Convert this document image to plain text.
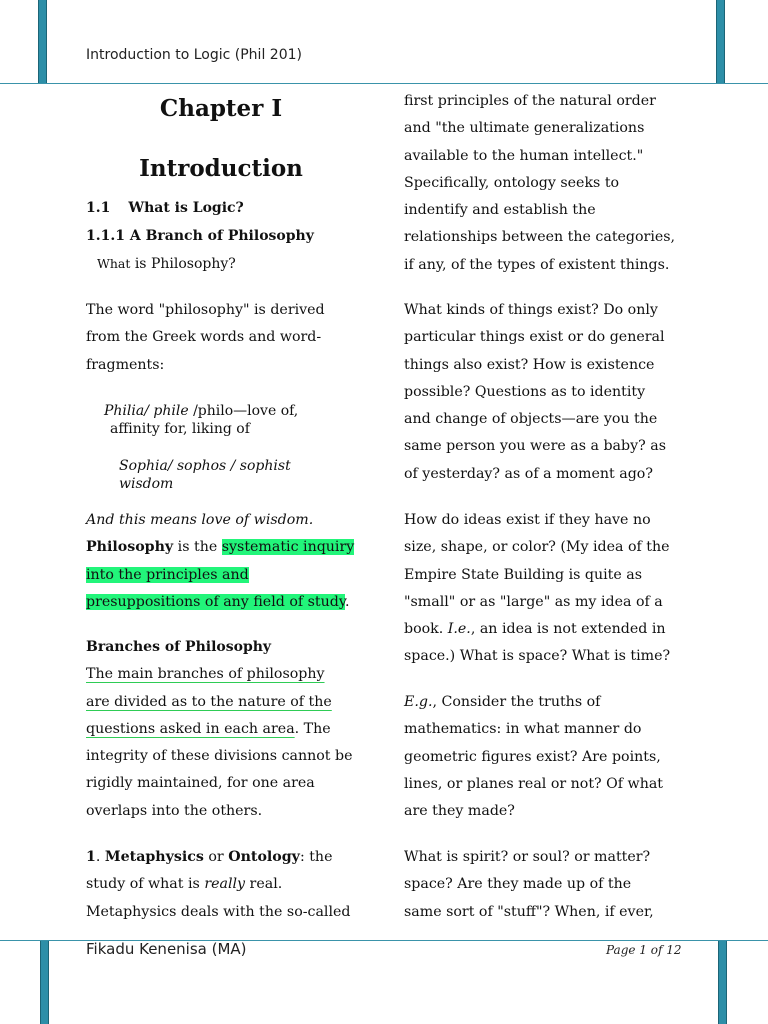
Introduction to Logic (Phil 201)
Chapter I
Introduction
1.1 What is Logic?
1.1.1 A Branch of Philosophy
What is Philosophy?

The word "philosophy" is derived
from the Greek words and word-
fragments:

Philia/ phile /philo—love of,
affinity for, liking of
Sophia/ sophos / sophist
wisdom

And this means love of wisdom.
Philosophy is the systematic inquiry
into the principles and
presuppositions of any field of study.

Branches of Philosophy
The main branches of philosophy
are divided as to the nature of the
questions asked in each area. The
integrity of these divisions cannot be
rigidly maintained, for one area
overlaps into the others.

1. Metaphysics or Ontology: the
study of what is really real.
Metaphysics deals with the so-called

first principles of the natural order
and "the ultimate generalizations
available to the human intellect."
Specifically, ontology seeks to
indentify and establish the
relationships between the categories,
if any, of the types of existent things.

What kinds of things exist? Do only
particular things exist or do general
things also exist? How is existence
possible? Questions as to identity
and change of objects—are you the
same person you were as a baby? as
of yesterday? as of a moment ago?

How do ideas exist if they have no
size, shape, or color? (My idea of the
Empire State Building is quite as
"small" or as "large" as my idea of a
book. I.e., an idea is not extended in
space.) What is space? What is time?

E.g., Consider the truths of
mathematics: in what manner do
geometric figures exist? Are points,
lines, or planes real or not? Of what
are they made?

What is spirit? or soul? or matter?
space? Are they made up of the
same sort of "stuff"? When, if ever,

Fikadu Kenenisa (MA)	Page 1 of 12
